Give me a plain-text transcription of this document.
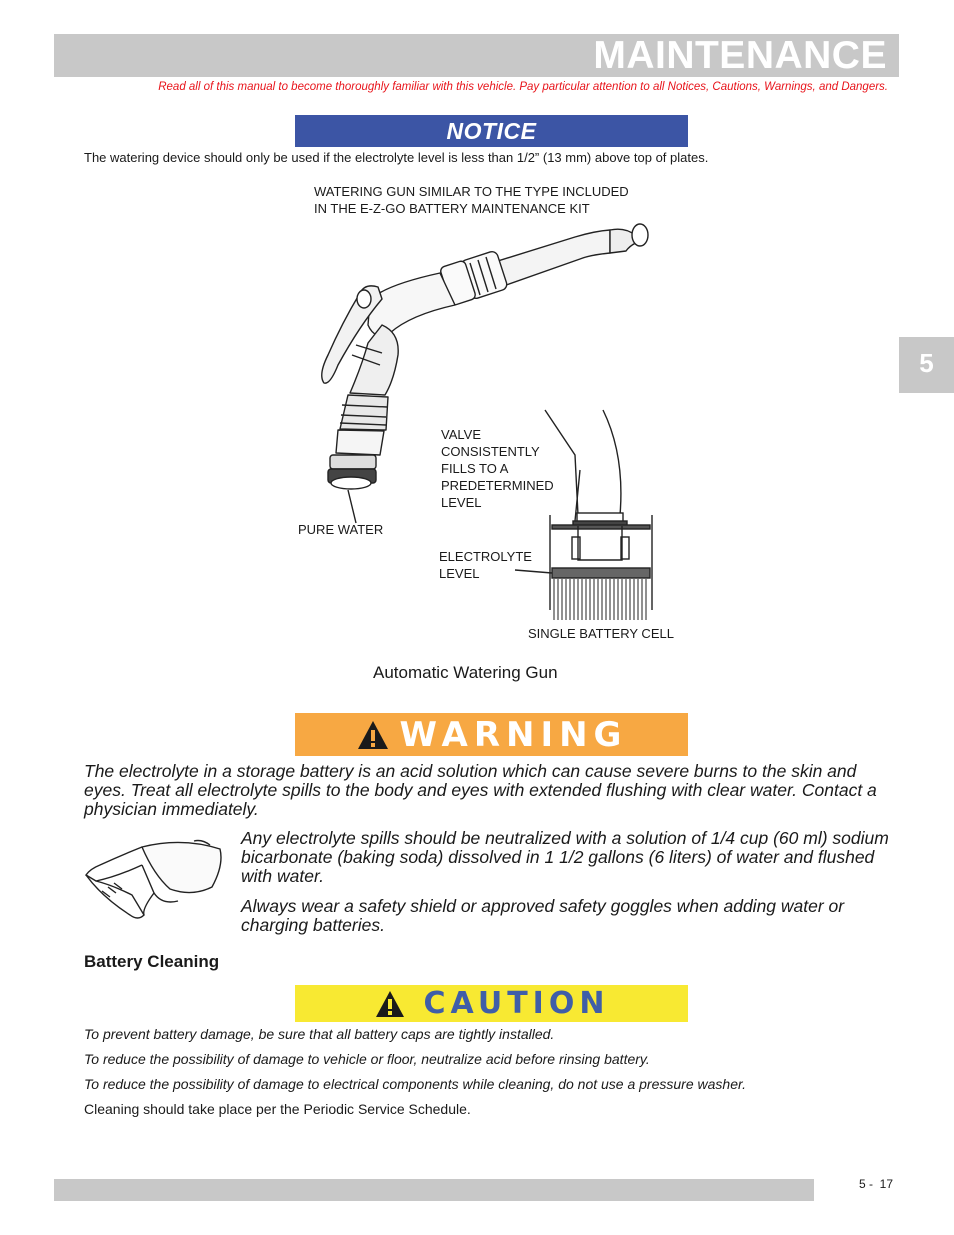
MAINTENANCE
Read all of this manual to become thoroughly familiar with this vehicle. Pay particular attention to all Notices, Cautions, Warnings, and Dangers.
NOTICE
The watering device should only be used if the electrolyte level is less than 1/2” (13 mm) above top of plates.
WATERING GUN SIMILAR TO THE TYPE INCLUDED
IN THE E-Z-GO BATTERY MAINTENANCE KIT
VALVE
CONSISTENTLY
FILLS TO A
PREDETERMINED
LEVEL
PURE WATER
ELECTROLYTE
LEVEL
SINGLE BATTERY CELL
Automatic Watering Gun
5
WARNING
The electrolyte in a storage battery is an acid solution which can cause severe burns to the skin and eyes. Treat all electrolyte spills to the body and eyes with extended flushing with clear water. Contact a physician immediately.
Any electrolyte spills should be neutralized with a solution of 1/4 cup (60 ml) sodium bicarbonate (baking soda) dissolved in 1 1/2 gallons (6 liters) of water and flushed with water.
Always wear a safety shield or approved safety goggles when adding water or charging batteries.
Battery Cleaning
CAUTION
To prevent battery damage, be sure that all battery caps are tightly installed.
To reduce the possibility of damage to vehicle or floor, neutralize acid before rinsing battery.
To reduce the possibility of damage to electrical components while cleaning, do not use a pressure washer.
Cleaning should take place per the Periodic Service Schedule.
5 -  17
